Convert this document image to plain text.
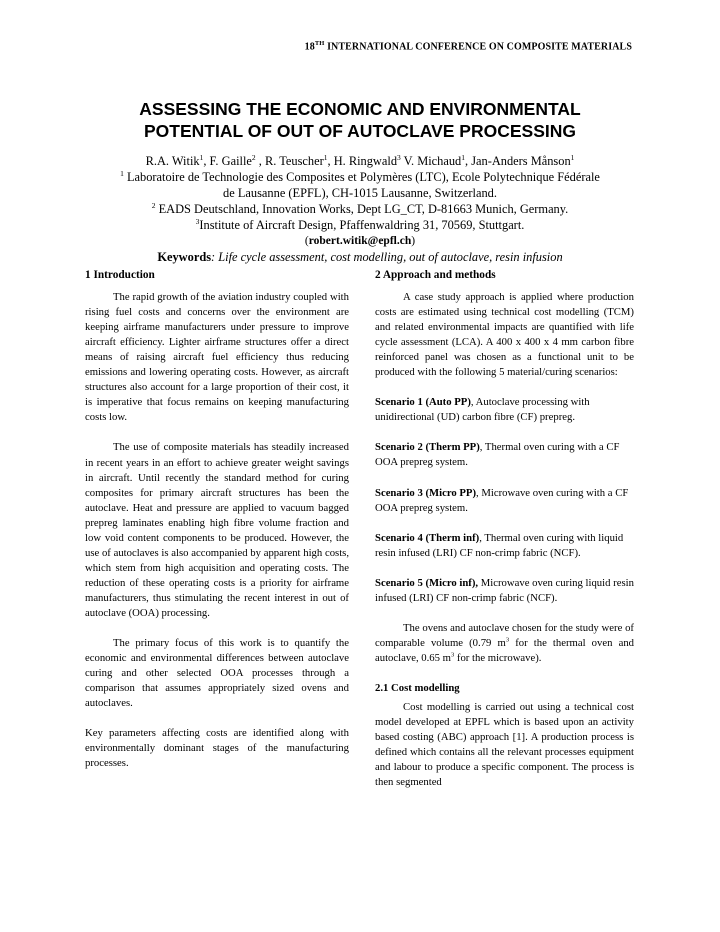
18TH INTERNATIONAL CONFERENCE ON COMPOSITE MATERIALS
ASSESSING THE ECONOMIC AND ENVIRONMENTAL
POTENTIAL OF OUT OF AUTOCLAVE PROCESSING
R.A. Witik$^1$, F. Gaille$^2$ , R. Teuscher$^1$, H. Ringwald$^3$ V. Michaud$^1$, Jan-Anders Månson$^1$
$^1$ Laboratoire de Technologie des Composites et Polymères (LTC), Ecole Polytechnique Fédérale
de Lausanne (EPFL), CH-1015 Lausanne, Switzerland.
$^2$ EADS Deutschland, Innovation Works, Dept LG_CT, D-81663 Munich, Germany.
$^3$Institute of Aircraft Design, Pfaffenwaldring 31, 70569, Stuttgart.
(robert.witik@epfl.ch)
Keywords: Life cycle assessment, cost modelling, out of autoclave, resin infusion
1 Introduction

The rapid growth of the aviation industry coupled with rising fuel costs and concerns over the environment are keeping airframe manufacturers under pressure to improve aircraft efficiency. Lighter airframe structures offer a direct means of raising aircraft fuel efficiency thus reducing emissions and lowering operating costs. However, as aircraft structures also account for a large proportion of their cost, it is imperative that focus remains on keeping manufacturing costs low.

The use of composite materials has steadily increased in recent years in an effort to achieve greater weight savings in aircraft. Until recently the standard method for curing composites for primary aircraft structures has been the autoclave. Heat and pressure are applied to vacuum bagged prepreg laminates enabling high fibre volume fraction and low void content components to be produced. However, the use of autoclaves is also accompanied by apparent high costs, which stem from high acquisition and operating costs. The reduction of these operating costs is a priority for airframe manufacturers, thus stimulating the recent interest in out of autoclave (OOA) processing.

The primary focus of this work is to quantify the economic and environmental differences between autoclave curing and other selected OOA processes through a comparison that assumes appropriately sized ovens and autoclaves.

Key parameters affecting costs are identified along with environmentally dominant stages of the manufacturing processes.

2 Approach and methods

A case study approach is applied where production costs are estimated using technical cost modelling (TCM) and related environmental impacts are quantified with life cycle assessment (LCA). A 400 x 400 x 4 mm carbon fibre reinforced panel was chosen as a functional unit to be produced with the following 5 material/curing scenarios:

Scenario 1 (Auto PP), Autoclave processing with unidirectional (UD) carbon fibre (CF) prepreg.

Scenario 2 (Therm PP), Thermal oven curing with a CF OOA prepreg system.

Scenario 3 (Micro PP), Microwave oven curing with a CF OOA prepreg system.

Scenario 4 (Therm inf), Thermal oven curing with liquid resin infused (LRI) CF non-crimp fabric (NCF).

Scenario 5 (Micro inf), Microwave oven curing liquid resin infused (LRI) CF non-crimp fabric (NCF).

The ovens and autoclave chosen for the study were of comparable volume (0.79 $m^3$ for the thermal oven and autoclave, 0.65 $m^3$ for the microwave).

2.1 Cost modelling

Cost modelling is carried out using a technical cost model developed at EPFL which is based upon an activity based costing (ABC) approach [1]. A production process is defined which contains all the relevant processes equipment and labour to produce a specific component. The process is then segmented
